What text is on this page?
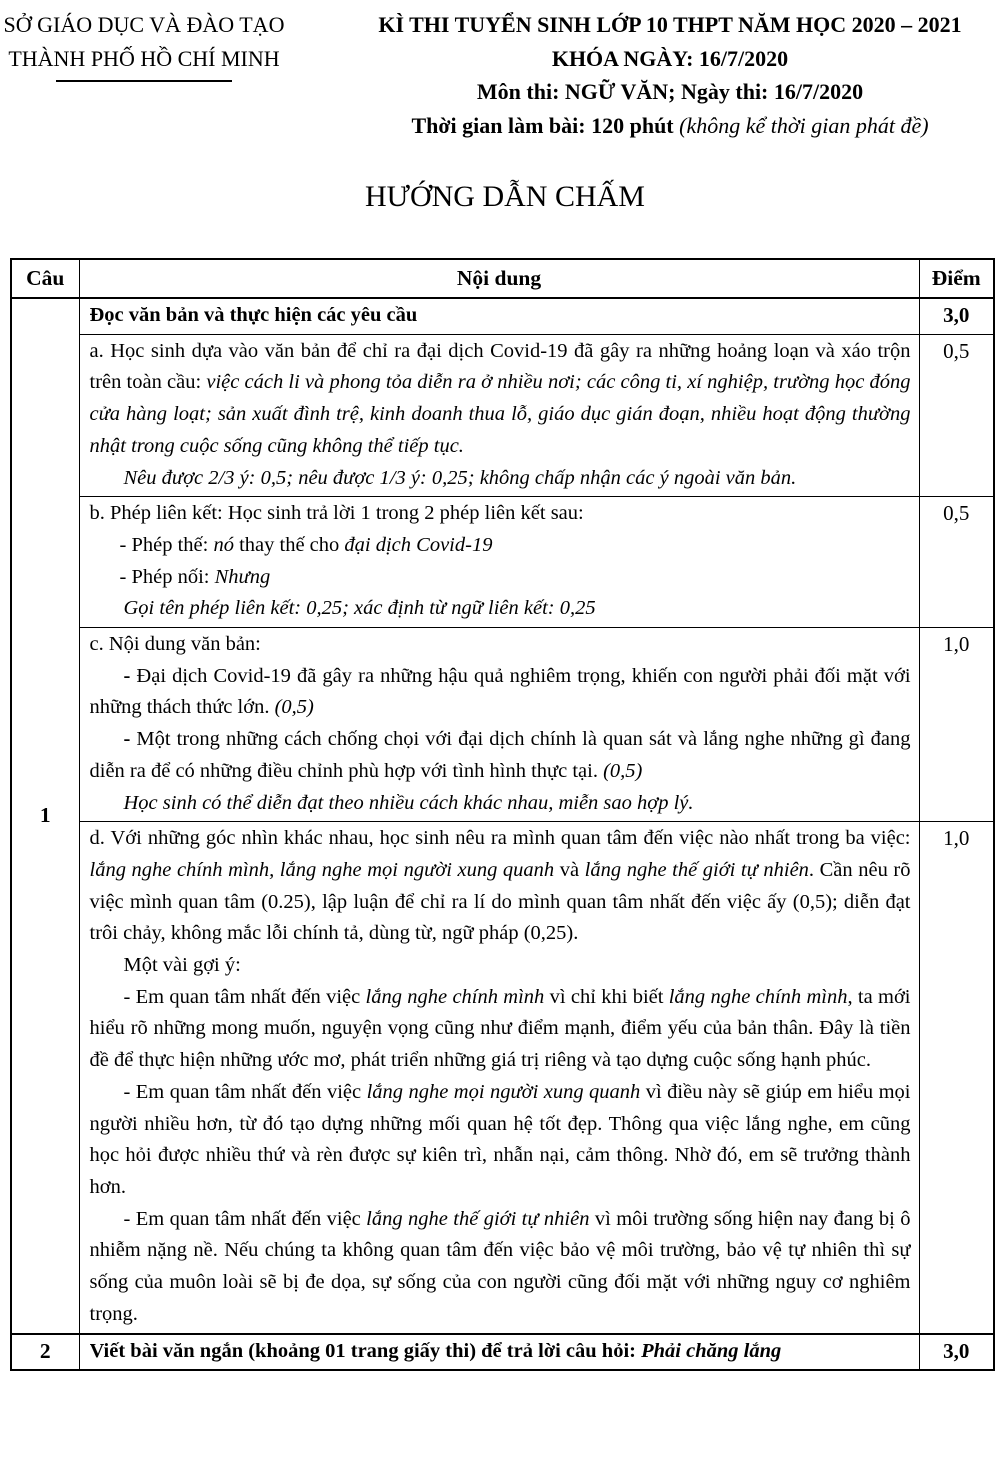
SỞ GIÁO DỤC VÀ ĐÀO TẠO
THÀNH PHỐ HỒ CHÍ MINH
KÌ THI TUYỂN SINH LỚP 10 THPT NĂM HỌC 2020 – 2021
KHÓA NGÀY: 16/7/2020
Môn thi: NGỮ VĂN; Ngày thi: 16/7/2020
Thời gian làm bài: 120 phút (không kể thời gian phát đề)
HƯỚNG DẪN CHẤM
Câu	Nội dung	Điểm
1	Đọc văn bản và thực hiện các yêu cầu	3,0

	a. Học sinh dựa vào văn bản để chỉ ra đại dịch Covid-19 đã gây ra những hoảng loạn và xáo trộn trên toàn cầu: việc cách li và phong tỏa diễn ra ở nhiều nơi; các công ti, xí nghiệp, trường học đóng cửa hàng loạt; sản xuất đình trệ, kinh doanh thua lỗ, giáo dục gián đoạn, nhiều hoạt động thường nhật trong cuộc sống cũng không thể tiếp tục.

Nêu được 2/3 ý: 0,5; nêu được 1/3 ý: 0,25; không chấp nhận các ý ngoài văn bản.	0,5

	b. Phép liên kết: Học sinh trả lời 1 trong 2 phép liên kết sau:

- Phép thế: nó thay thế cho đại dịch Covid-19

- Phép nối: Nhưng

Gọi tên phép liên kết: 0,25; xác định từ ngữ liên kết: 0,25	0,5

	c. Nội dung văn bản:

- Đại dịch Covid-19 đã gây ra những hậu quả nghiêm trọng, khiến con người phải đối mặt với những thách thức lớn. (0,5)

- Một trong những cách chống chọi với đại dịch chính là quan sát và lắng nghe những gì đang diễn ra để có những điều chỉnh phù hợp với tình hình thực tại. (0,5)

Học sinh có thể diễn đạt theo nhiều cách khác nhau, miễn sao hợp lý.	1,0

	d. Với những góc nhìn khác nhau, học sinh nêu ra mình quan tâm đến việc nào nhất trong ba việc: lắng nghe chính mình, lắng nghe mọi người xung quanh và lắng nghe thế giới tự nhiên. Cần nêu rõ việc mình quan tâm (0.25), lập luận để chỉ ra lí do mình quan tâm nhất đến việc ấy (0,5); diễn đạt trôi chảy, không mắc lỗi chính tả, dùng từ, ngữ pháp (0,25).

Một vài gợi ý:

- Em quan tâm nhất đến việc lắng nghe chính mình vì chỉ khi biết lắng nghe chính mình, ta mới hiểu rõ những mong muốn, nguyện vọng cũng như điểm mạnh, điểm yếu của bản thân. Đây là tiền đề để thực hiện những ước mơ, phát triển những giá trị riêng và tạo dựng cuộc sống hạnh phúc.

- Em quan tâm nhất đến việc lắng nghe mọi người xung quanh vì điều này sẽ giúp em hiểu mọi người nhiều hơn, từ đó tạo dựng những mối quan hệ tốt đẹp. Thông qua việc lắng nghe, em cũng học hỏi được nhiều thứ và rèn được sự kiên trì, nhẫn nại, cảm thông. Nhờ đó, em sẽ trưởng thành hơn.

- Em quan tâm nhất đến việc lắng nghe thế giới tự nhiên vì môi trường sống hiện nay đang bị ô nhiễm nặng nề. Nếu chúng ta không quan tâm đến việc bảo vệ môi trường, bảo vệ tự nhiên thì sự sống của muôn loài sẽ bị đe dọa, sự sống của con người cũng đối mặt với những nguy cơ nghiêm trọng.	1,0
2	Viết bài văn ngắn (khoảng 01 trang giấy thi) để trả lời câu hỏi: Phải chăng lắng	3,0
